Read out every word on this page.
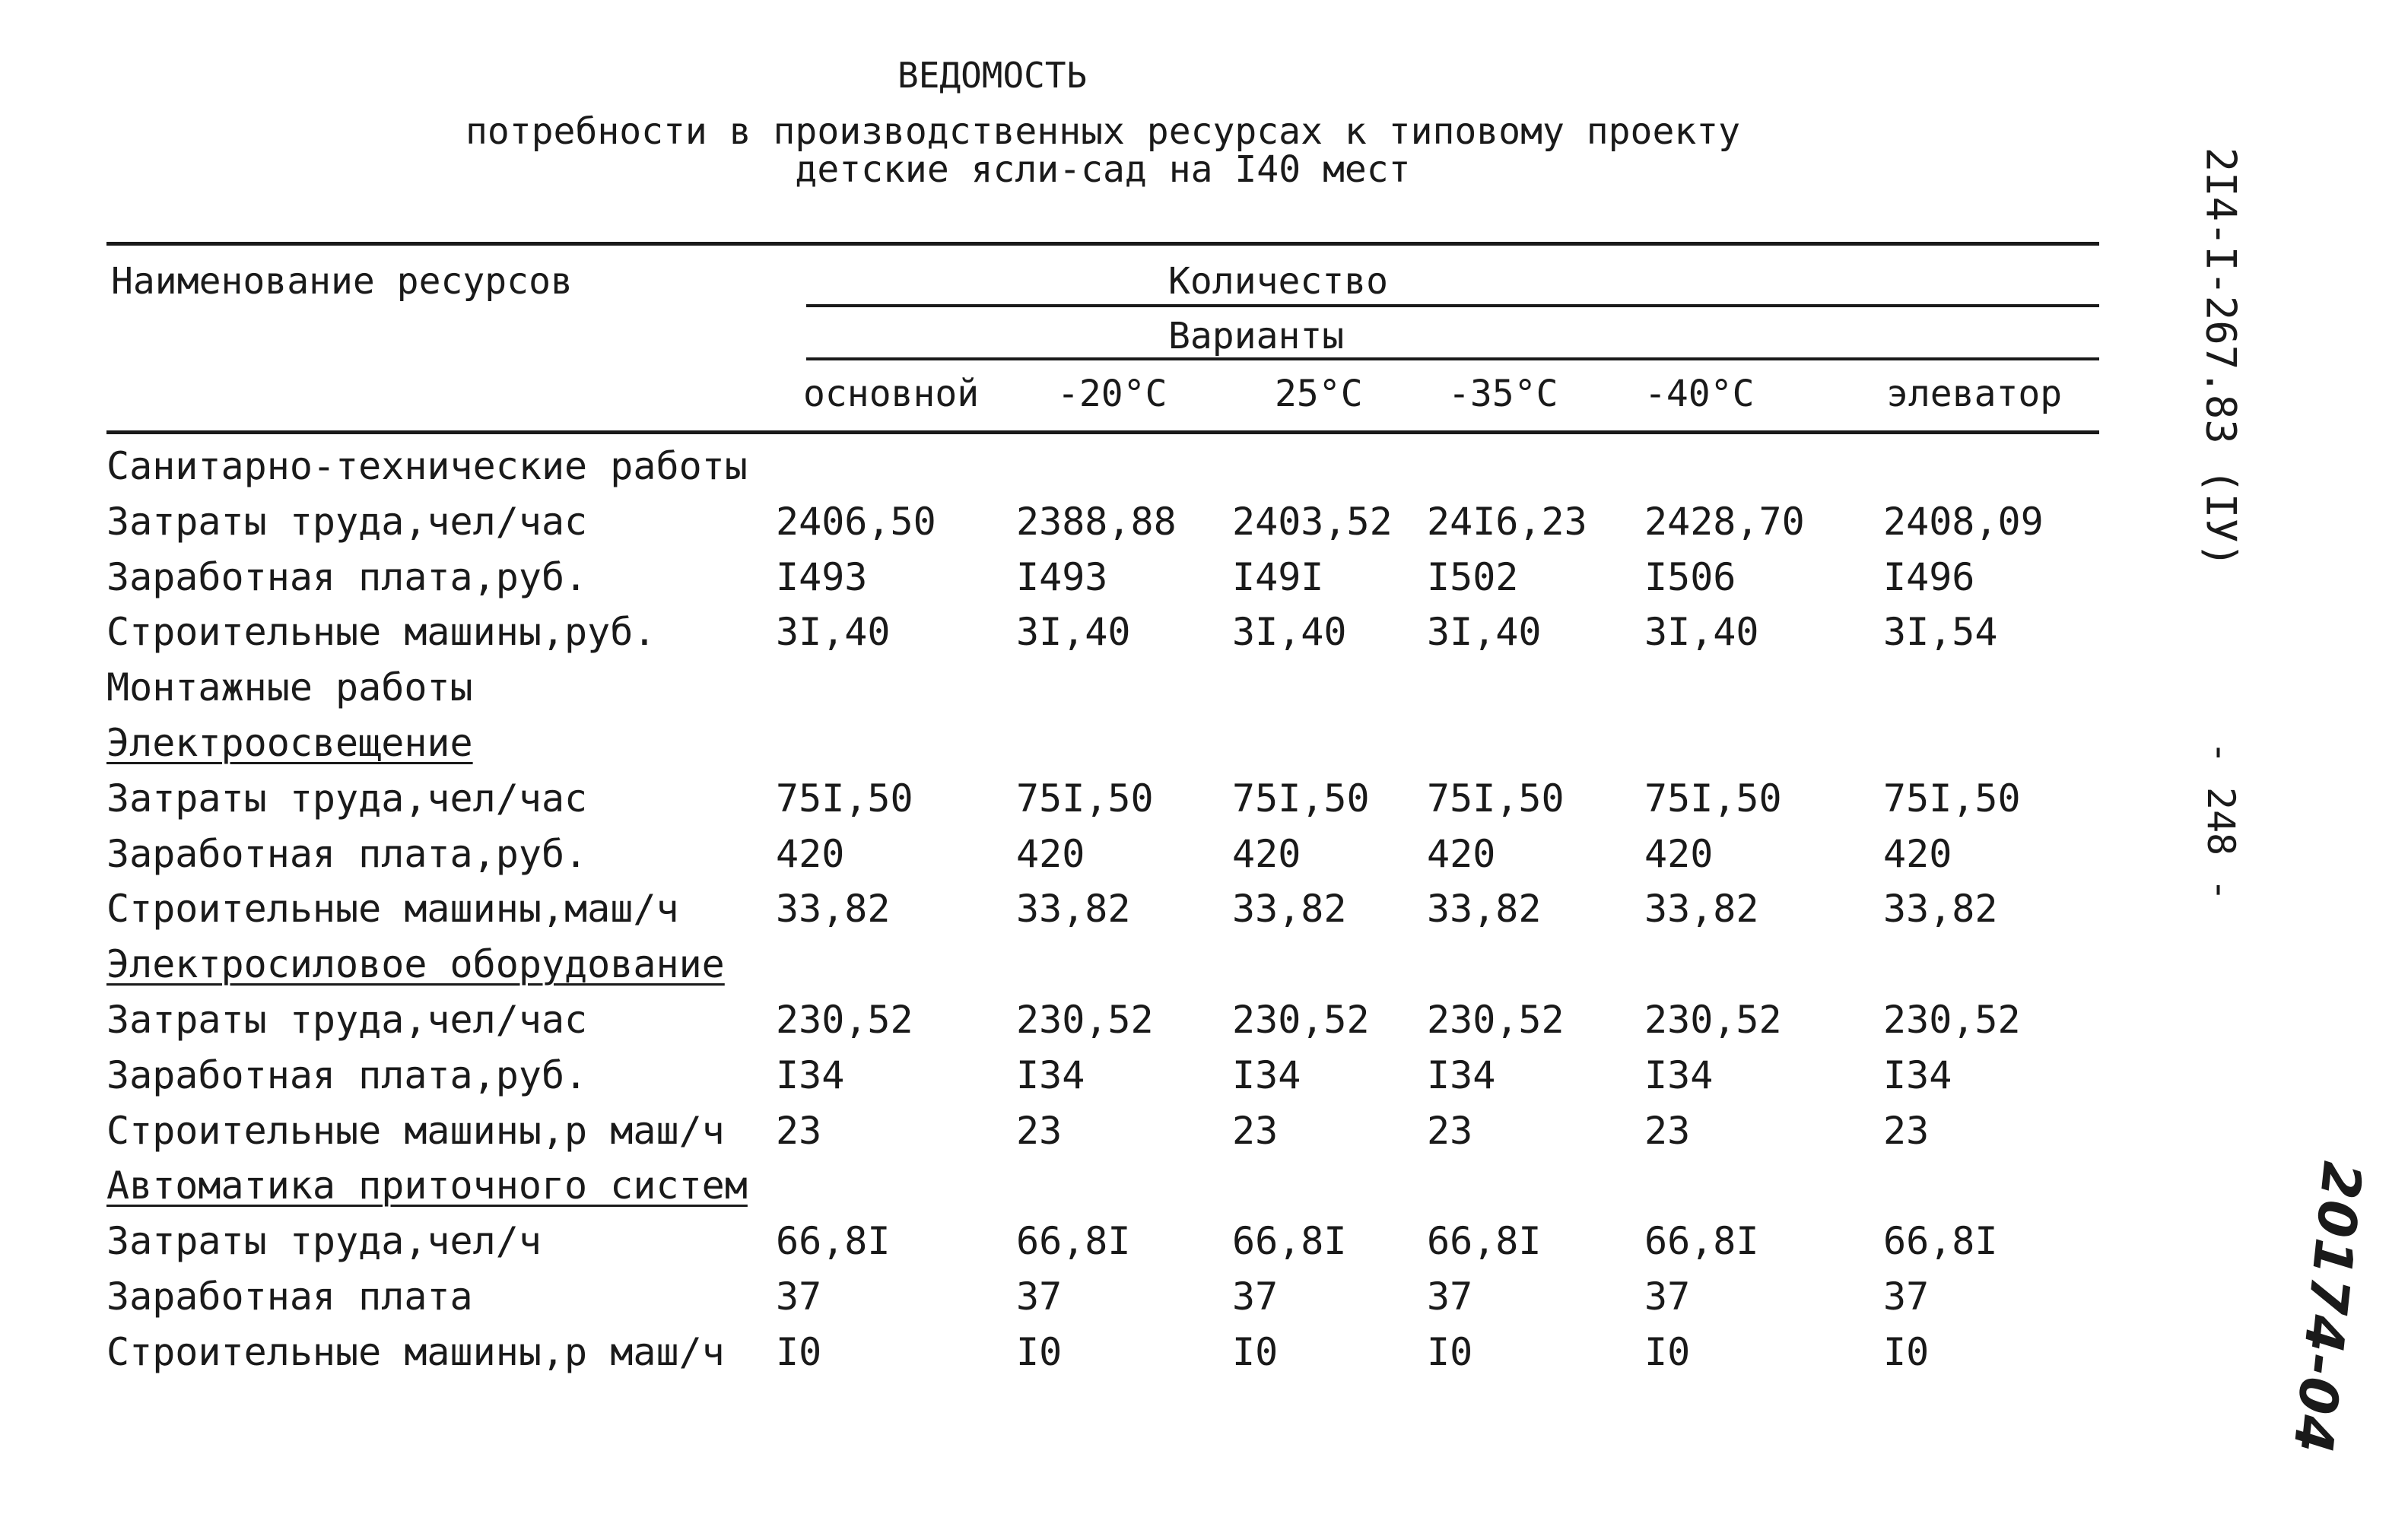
ВЕДОМОСТЬ
потребности в производственных ресурсах к типовому проекту
детские ясли-сад на I40 мест	2I4-I-267.83 (IУ)
- 248 -
20174-04
Наименование ресурсов	Количество
Варианты
основной -20°C	25°C -35°C -40°C	элеватор
Санитарно-технические работы
Затраты труда,чел/час	2406,50 2388,88 2403,52 24I6,23 2428,70 2408,09
Заработная плата,руб.	I493	I493	I49I	I502	I506	I496
Строительные машины,руб.	3I,40	3I,40	3I,40 3I,40	3I,40	3I,54
Монтажные работы
Электроосвещение
Затраты труда,чел/час	75I,50	75I,50 75I,50 75I,50 75I,50	75I,50
Заработная плата,руб.	420	420	420	420	420	420
Строительные машины,маш/ч	33,82	33,82	33,82 33,82	33,82	33,82
Электросиловое оборудование
Затраты труда,чел/час	230,52	230,52 230,52 230,52 230,52	230,52
Заработная плата,руб.	I34	I34	I34	I34	I34	I34
Строительные машины,р маш/ч 23	23	23	23	23	23
Автоматика приточного систем
Затраты труда,чел/ч	66,8I	66,8I	66,8I 66,8I	66,8I	66,8I
Заработная плата	37	37	37	37	37	37
Строительные машины,р маш/ч I0	I0	I0	I0	I0	I0
